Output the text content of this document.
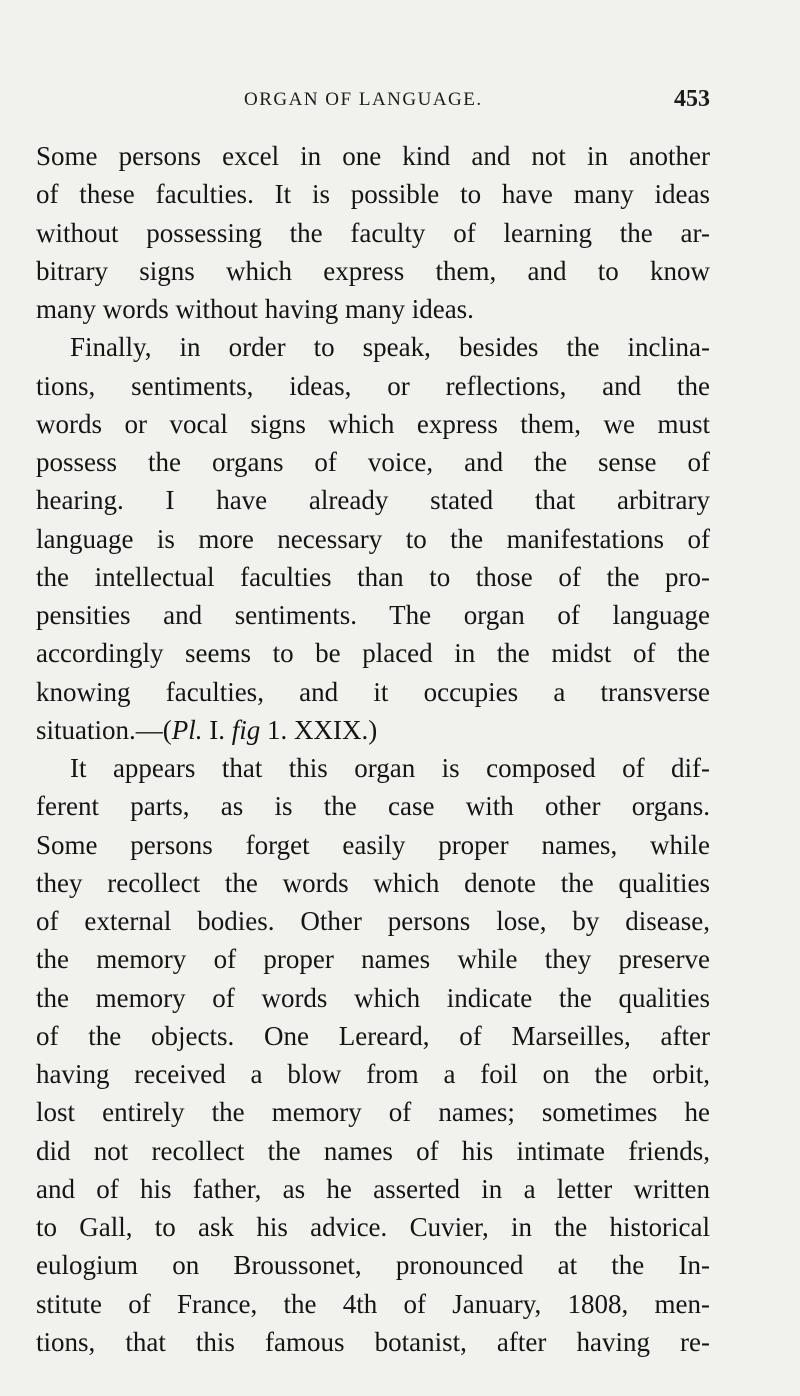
ORGAN OF LANGUAGE.	453
Some persons excel in one kind and not in another
of these faculties. It is possible to have many ideas
without possessing the faculty of learning the ar-
bitrary signs which express them, and to know
many words without having many ideas.
Finally, in order to speak, besides the inclina-
tions, sentiments, ideas, or reflections, and the
words or vocal signs which express them, we must
possess the organs of voice, and the sense of
hearing. I have already stated that arbitrary
language is more necessary to the manifestations of
the intellectual faculties than to those of the pro-
pensities and sentiments. The organ of language
accordingly seems to be placed in the midst of the
knowing faculties, and it occupies a transverse
situation.—(Pl. I. fig 1. XXIX.)
It appears that this organ is composed of dif-
ferent parts, as is the case with other organs.
Some persons forget easily proper names, while
they recollect the words which denote the qualities
of external bodies. Other persons lose, by disease,
the memory of proper names while they preserve
the memory of words which indicate the qualities
of the objects. One Lereard, of Marseilles, after
having received a blow from a foil on the orbit,
lost entirely the memory of names; sometimes he
did not recollect the names of his intimate friends,
and of his father, as he asserted in a letter written
to Gall, to ask his advice. Cuvier, in the historical
eulogium on Broussonet, pronounced at the In-
stitute of France, the 4th of January, 1808, men-
tions, that this famous botanist, after having re-
